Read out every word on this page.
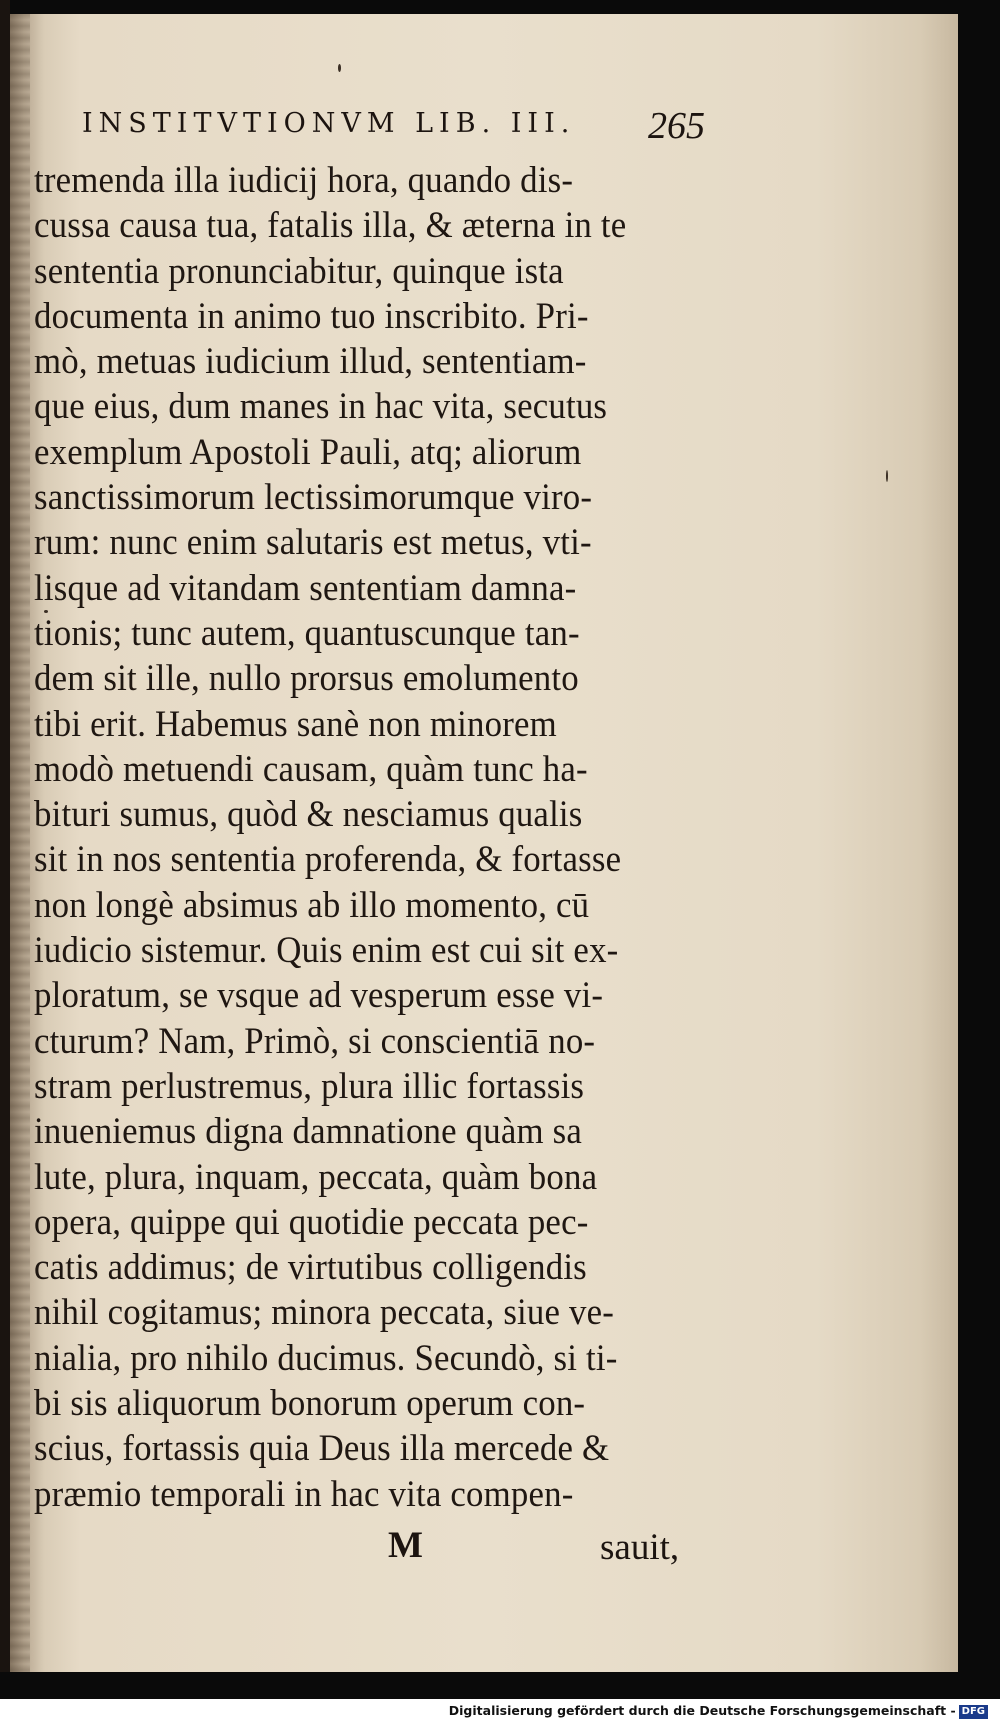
INSTITVTIONVM LIB. III.	265
tremenda illa iudicij hora, quando dis-
cussa causa tua, fatalis illa, & æterna in te
sententia pronunciabitur, quinque ista
documenta in animo tuo inscribito. Pri-
mò, metuas iudicium illud, sententiam-
que eius, dum manes in hac vita, secutus
exemplum Apostoli Pauli, atq; aliorum
sanctissimorum lectissimorumque viro-
rum: nunc enim salutaris est metus, vti-
lisque ad vitandam sententiam damna-
tionis; tunc autem, quantuscunque tan-
dem sit ille, nullo prorsus emolumento
tibi erit. Habemus sanè non minorem
modò metuendi causam, quàm tunc ha-
bituri sumus, quòd & nesciamus qualis
sit in nos sententia proferenda, & fortasse
non longè absimus ab illo momento, cū
iudicio sistemur. Quis enim est cui sit ex-
ploratum, se vsque ad vesperum esse vi-
cturum? Nam, Primò, si conscientiā no-
stram perlustremus, plura illic fortassis
inueniemus digna damnatione quàm sa
lute, plura, inquam, peccata, quàm bona
opera, quippe qui quotidie peccata pec-
catis addimus; de virtutibus colligendis
nihil cogitamus; minora peccata, siue ve-
nialia, pro nihilo ducimus. Secundò, si ti-
bi sis aliquorum bonorum operum con-
scius, fortassis quia Deus illa mercede &
præmio temporali in hac vita compen-
M	sauit,
Digitalisierung gefördert durch die Deutsche Forschungsgemeinschaft - DFG
